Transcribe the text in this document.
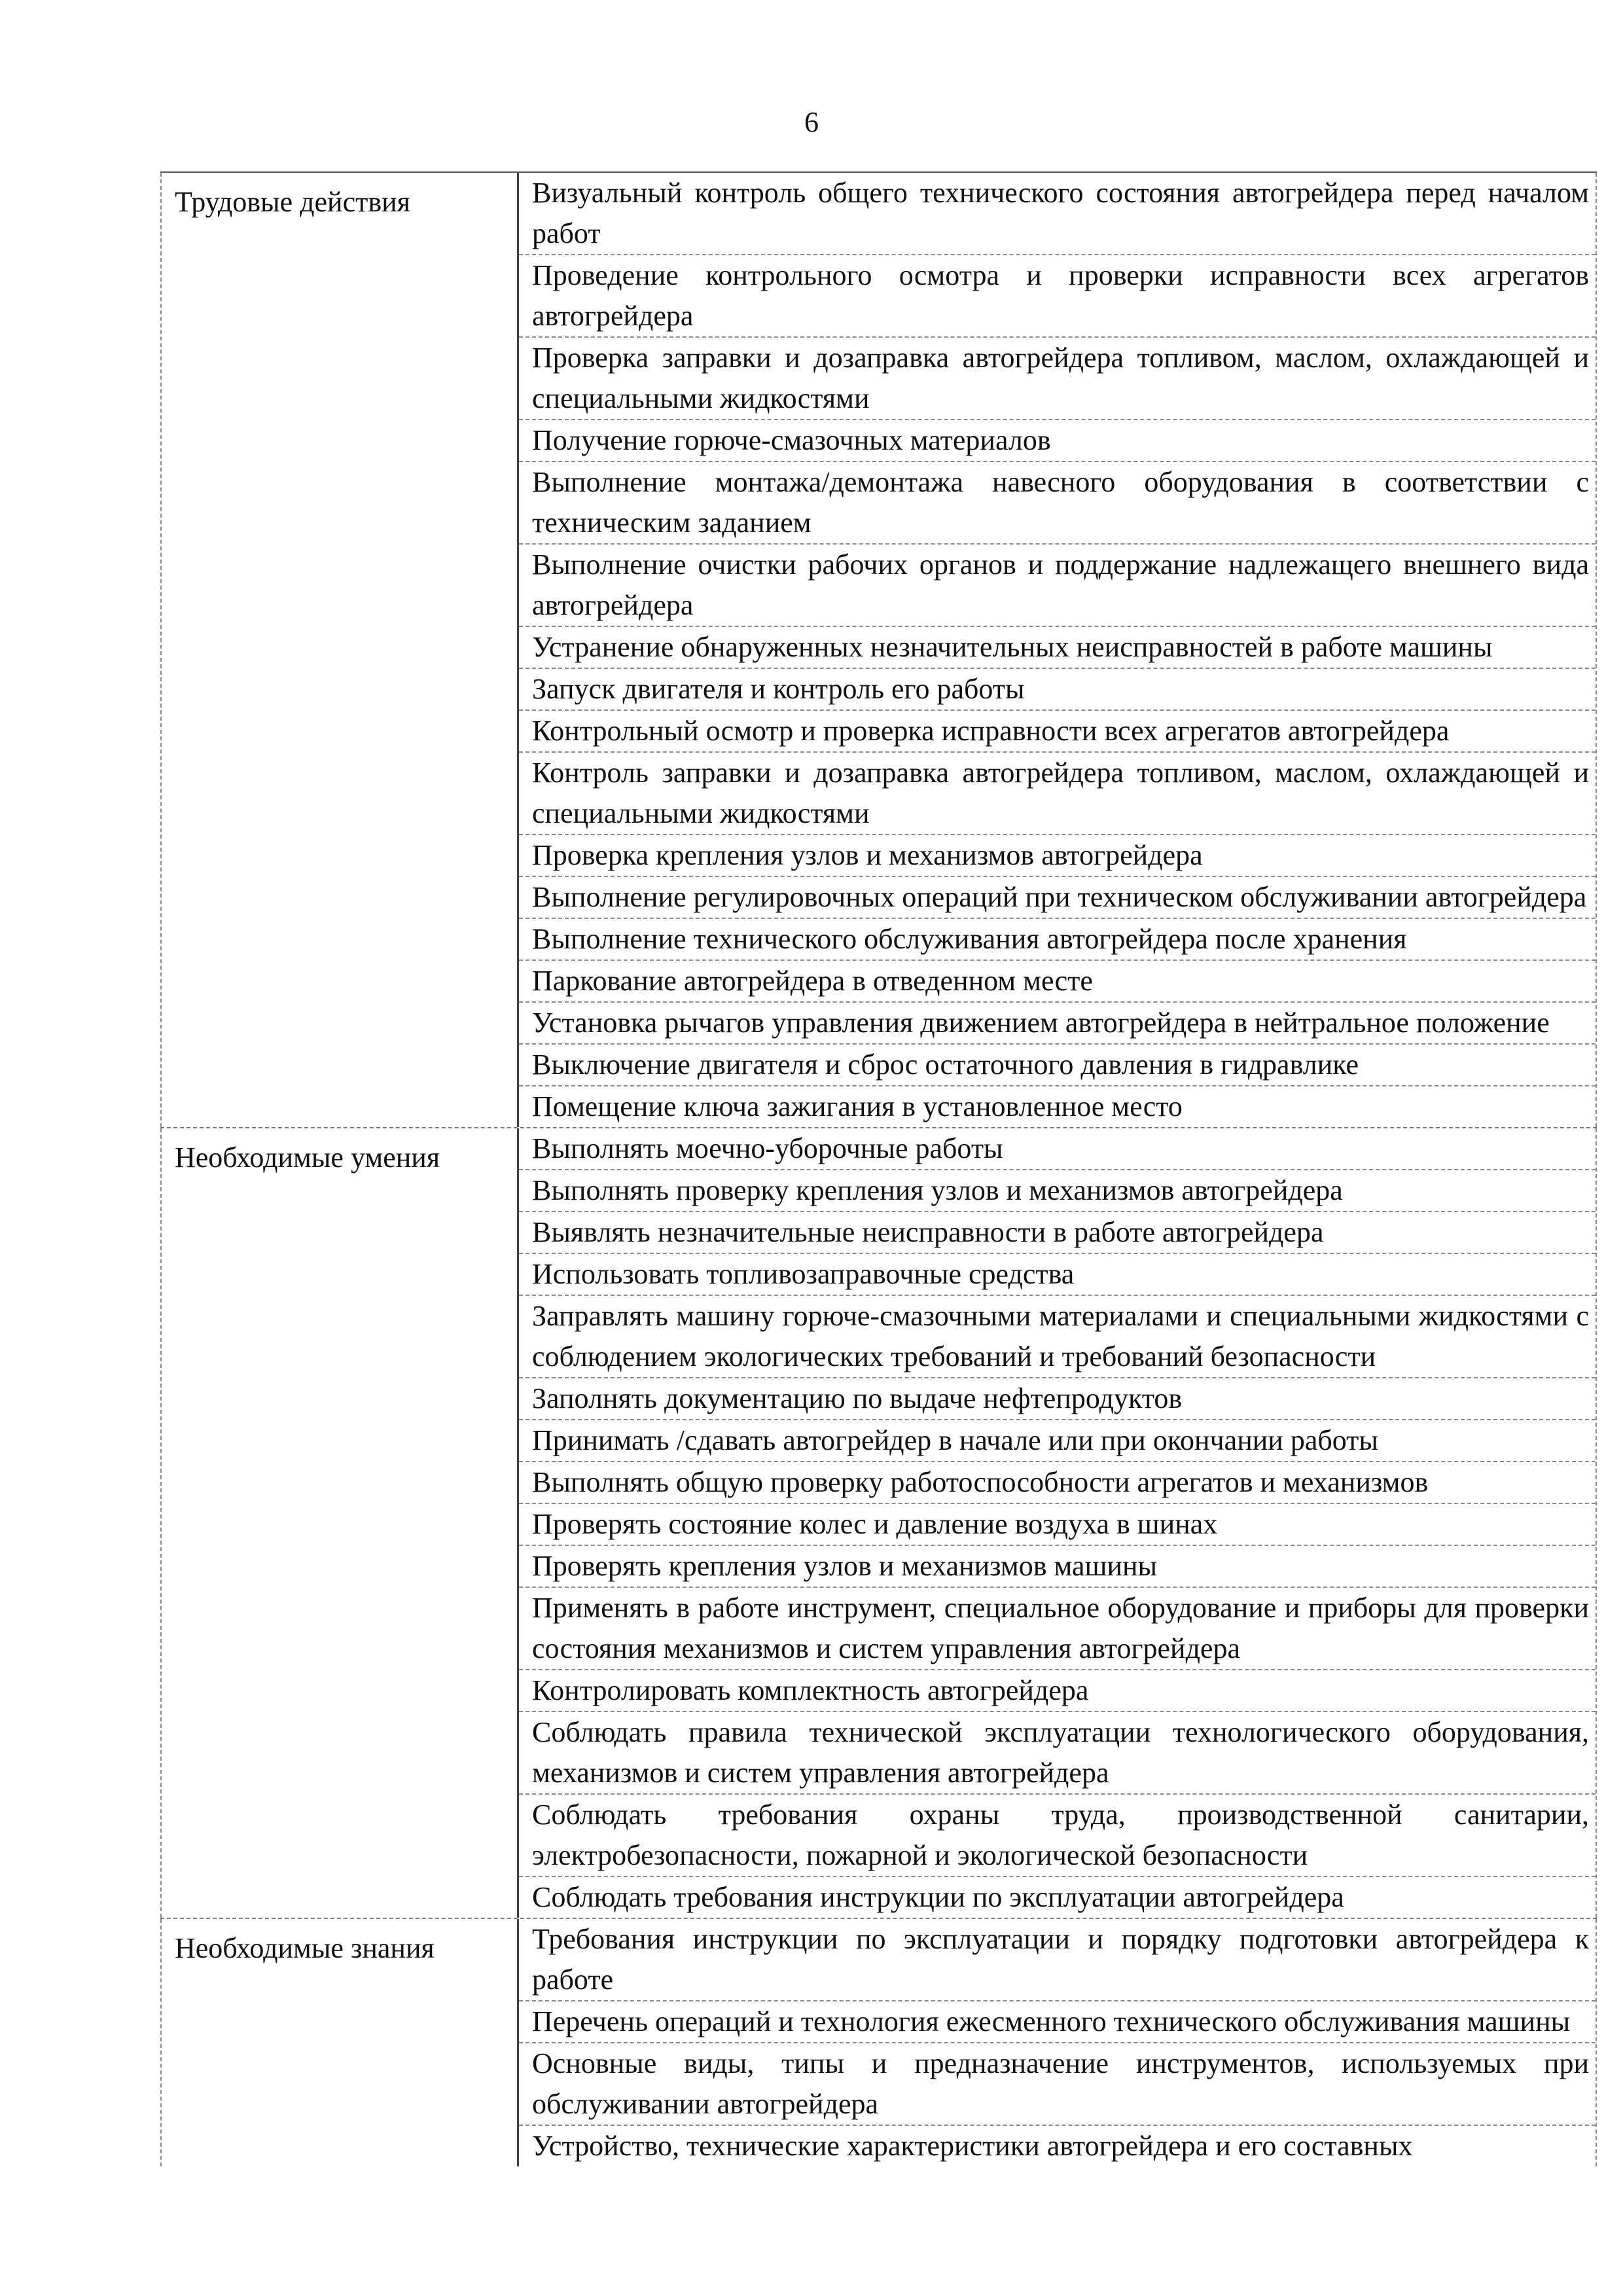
6
Трудовые действия	Визуальный контроль общего технического состояния автогрейдера перед началом работ
Проведение контрольного осмотра и проверки исправности всех агрегатов автогрейдера
Проверка заправки и дозаправка автогрейдера топливом, маслом, охлаждающей и специальными жидкостями
Получение горюче-смазочных материалов
Выполнение монтажа/демонтажа навесного оборудования в соответствии с техническим заданием
Выполнение очистки рабочих органов и поддержание надлежащего внешнего вида автогрейдера
Устранение обнаруженных незначительных неисправностей в работе машины
Запуск двигателя и контроль его работы
Контрольный осмотр и проверка исправности всех агрегатов автогрейдера
Контроль заправки и дозаправка автогрейдера топливом, маслом, охлаждающей и специальными жидкостями
Проверка крепления узлов и механизмов автогрейдера
Выполнение регулировочных операций при техническом обслуживании автогрейдера
Выполнение технического обслуживания автогрейдера после хранения
Паркование автогрейдера в отведенном месте
Установка рычагов управления движением автогрейдера в нейтральное положение
Выключение двигателя и сброс остаточного давления в гидравлике
Помещение ключа зажигания в установленное место
Необходимые умения	Выполнять моечно-уборочные работы
Выполнять проверку крепления узлов и механизмов автогрейдера
Выявлять незначительные неисправности в работе автогрейдера
Использовать топливозаправочные средства
Заправлять машину горюче-смазочными материалами и специальными жидкостями с соблюдением экологических требований и требований безопасности
Заполнять документацию по выдаче нефтепродуктов
Принимать /сдавать автогрейдер в начале или при окончании работы
Выполнять общую проверку работоспособности агрегатов и механизмов
Проверять состояние колес и давление воздуха в шинах
Проверять крепления узлов и механизмов машины
Применять в работе инструмент, специальное оборудование и приборы для проверки состояния механизмов и систем управления автогрейдера
Контролировать комплектность автогрейдера
Соблюдать правила технической эксплуатации технологического оборудования, механизмов и систем управления автогрейдера
Соблюдать требования охраны труда, производственной санитарии, электробезопасности, пожарной и экологической безопасности
Соблюдать требования инструкции по эксплуатации автогрейдера
Необходимые знания	Требования инструкции по эксплуатации и порядку подготовки автогрейдера к работе
Перечень операций и технология ежесменного технического обслуживания машины
Основные виды, типы и предназначение инструментов, используемых при обслуживании автогрейдера
Устройство, технические характеристики автогрейдера и его составных
